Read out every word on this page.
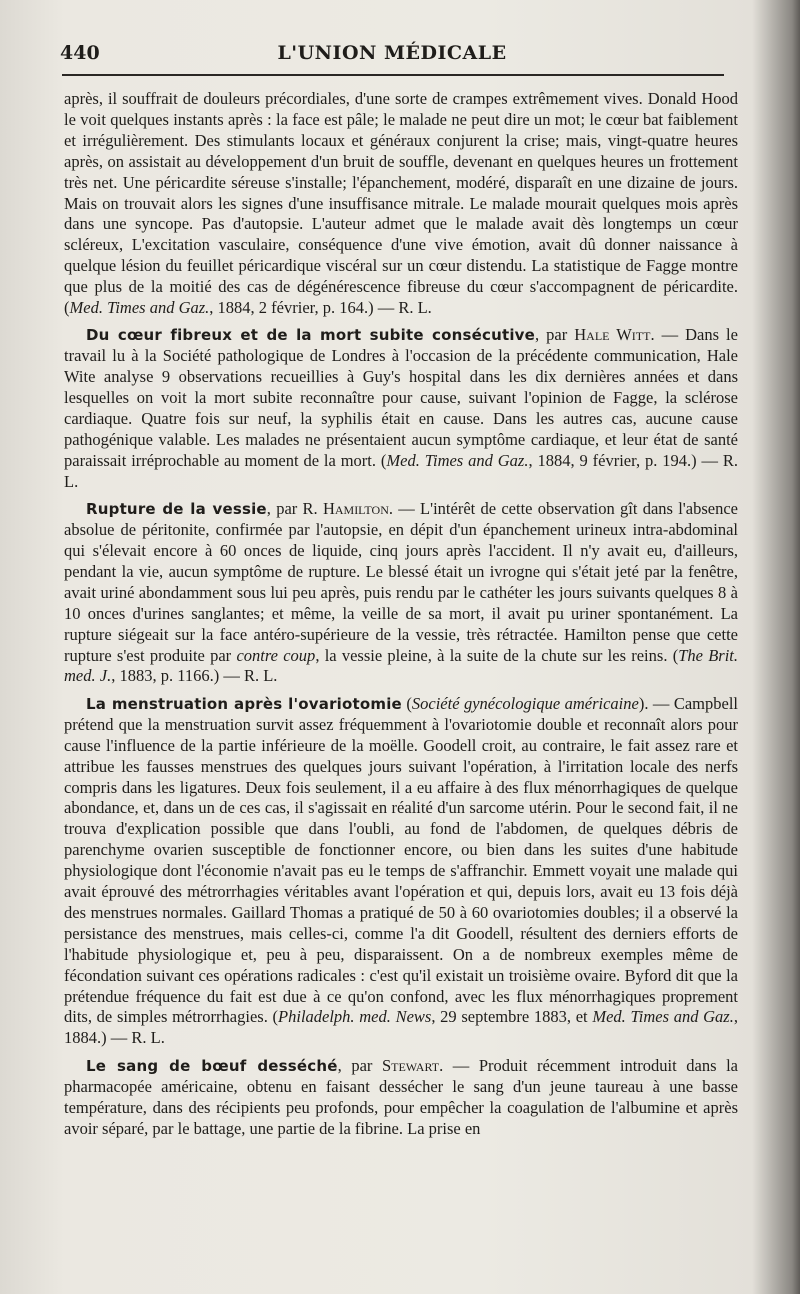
440	L'UNION MÉDICALE

après, il souffrait de douleurs précordiales, d'une sorte de crampes extrêmement vives. Donald Hood le voit quelques instants après : la face est pâle; le malade ne peut dire un mot; le cœur bat faiblement et irrégulièrement. Des stimulants locaux et généraux conjurent la crise; mais, vingt-quatre heures après, on assistait au développement d'un bruit de souffle, devenant en quelques heures un frottement très net. Une péricardite séreuse s'installe; l'épanchement, modéré, disparaît en une dizaine de jours. Mais on trouvait alors les signes d'une insuffisance mitrale. Le malade mourait quelques mois après dans une syncope. Pas d'autopsie. L'auteur admet que le malade avait dès longtemps un cœur scléreux, L'excitation vasculaire, conséquence d'une vive émotion, avait dû donner naissance à quelque lésion du feuillet péricardique viscéral sur un cœur distendu. La statistique de Fagge montre que plus de la moitié des cas de dégénérescence fibreuse du cœur s'accompagnent de péricardite. (Med. Times and Gaz., 1884, 2 février, p. 164.) — R. L.

Du cœur fibreux et de la mort subite consécutive, par Hale Witt. — Dans le travail lu à la Société pathologique de Londres à l'occasion de la précédente communication, Hale Wite analyse 9 observations recueillies à Guy's hospital dans les dix dernières années et dans lesquelles on voit la mort subite reconnaître pour cause, suivant l'opinion de Fagge, la sclérose cardiaque. Quatre fois sur neuf, la syphilis était en cause. Dans les autres cas, aucune cause pathogénique valable. Les malades ne présentaient aucun symptôme cardiaque, et leur état de santé paraissait irréprochable au moment de la mort. (Med. Times and Gaz., 1884, 9 février, p. 194.) — R. L.

Rupture de la vessie, par R. Hamilton. — L'intérêt de cette observation gît dans l'absence absolue de péritonite, confirmée par l'autopsie, en dépit d'un épanchement urineux intra-abdominal qui s'élevait encore à 60 onces de liquide, cinq jours après l'accident. Il n'y avait eu, d'ailleurs, pendant la vie, aucun symptôme de rupture. Le blessé était un ivrogne qui s'était jeté par la fenêtre, avait uriné abondamment sous lui peu après, puis rendu par le cathéter les jours suivants quelques 8 à 10 onces d'urines sanglantes; et même, la veille de sa mort, il avait pu uriner spontanément. La rupture siégeait sur la face antéro-supérieure de la vessie, très rétractée. Hamilton pense que cette rupture s'est produite par contre coup, la vessie pleine, à la suite de la chute sur les reins. (The Brit. med. J., 1883, p. 1166.) — R. L.

La menstruation après l'ovariotomie (Société gynécologique américaine). — Campbell prétend que la menstruation survit assez fréquemment à l'ovariotomie double et reconnaît alors pour cause l'influence de la partie inférieure de la moëlle. Goodell croit, au contraire, le fait assez rare et attribue les fausses menstrues des quelques jours suivant l'opération, à l'irritation locale des nerfs compris dans les ligatures. Deux fois seulement, il a eu affaire à des flux ménorrhagiques de quelque abondance, et, dans un de ces cas, il s'agissait en réalité d'un sarcome utérin. Pour le second fait, il ne trouva d'explication possible que dans l'oubli, au fond de l'abdomen, de quelques débris de parenchyme ovarien susceptible de fonctionner encore, ou bien dans les suites d'une habitude physiologique dont l'économie n'avait pas eu le temps de s'affranchir. Emmett voyait une malade qui avait éprouvé des métrorrhagies véritables avant l'opération et qui, depuis lors, avait eu 13 fois déjà des menstrues normales. Gaillard Thomas a pratiqué de 50 à 60 ovariotomies doubles; il a observé la persistance des menstrues, mais celles-ci, comme l'a dit Goodell, résultent des derniers efforts de l'habitude physiologique et, peu à peu, disparaissent. On a de nombreux exemples même de fécondation suivant ces opérations radicales : c'est qu'il existait un troisième ovaire. Byford dit que la prétendue fréquence du fait est due à ce qu'on confond, avec les flux ménorrhagiques proprement dits, de simples métrorrhagies. (Philadelph. med. News, 29 septembre 1883, et Med. Times and Gaz., 1884.) — R. L.

Le sang de bœuf desséché, par Stewart. — Produit récemment introduit dans la pharmacopée américaine, obtenu en faisant dessécher le sang d'un jeune taureau à une basse température, dans des récipients peu profonds, pour empêcher la coagulation de l'albumine et après avoir séparé, par le battage, une partie de la fibrine. La prise en
